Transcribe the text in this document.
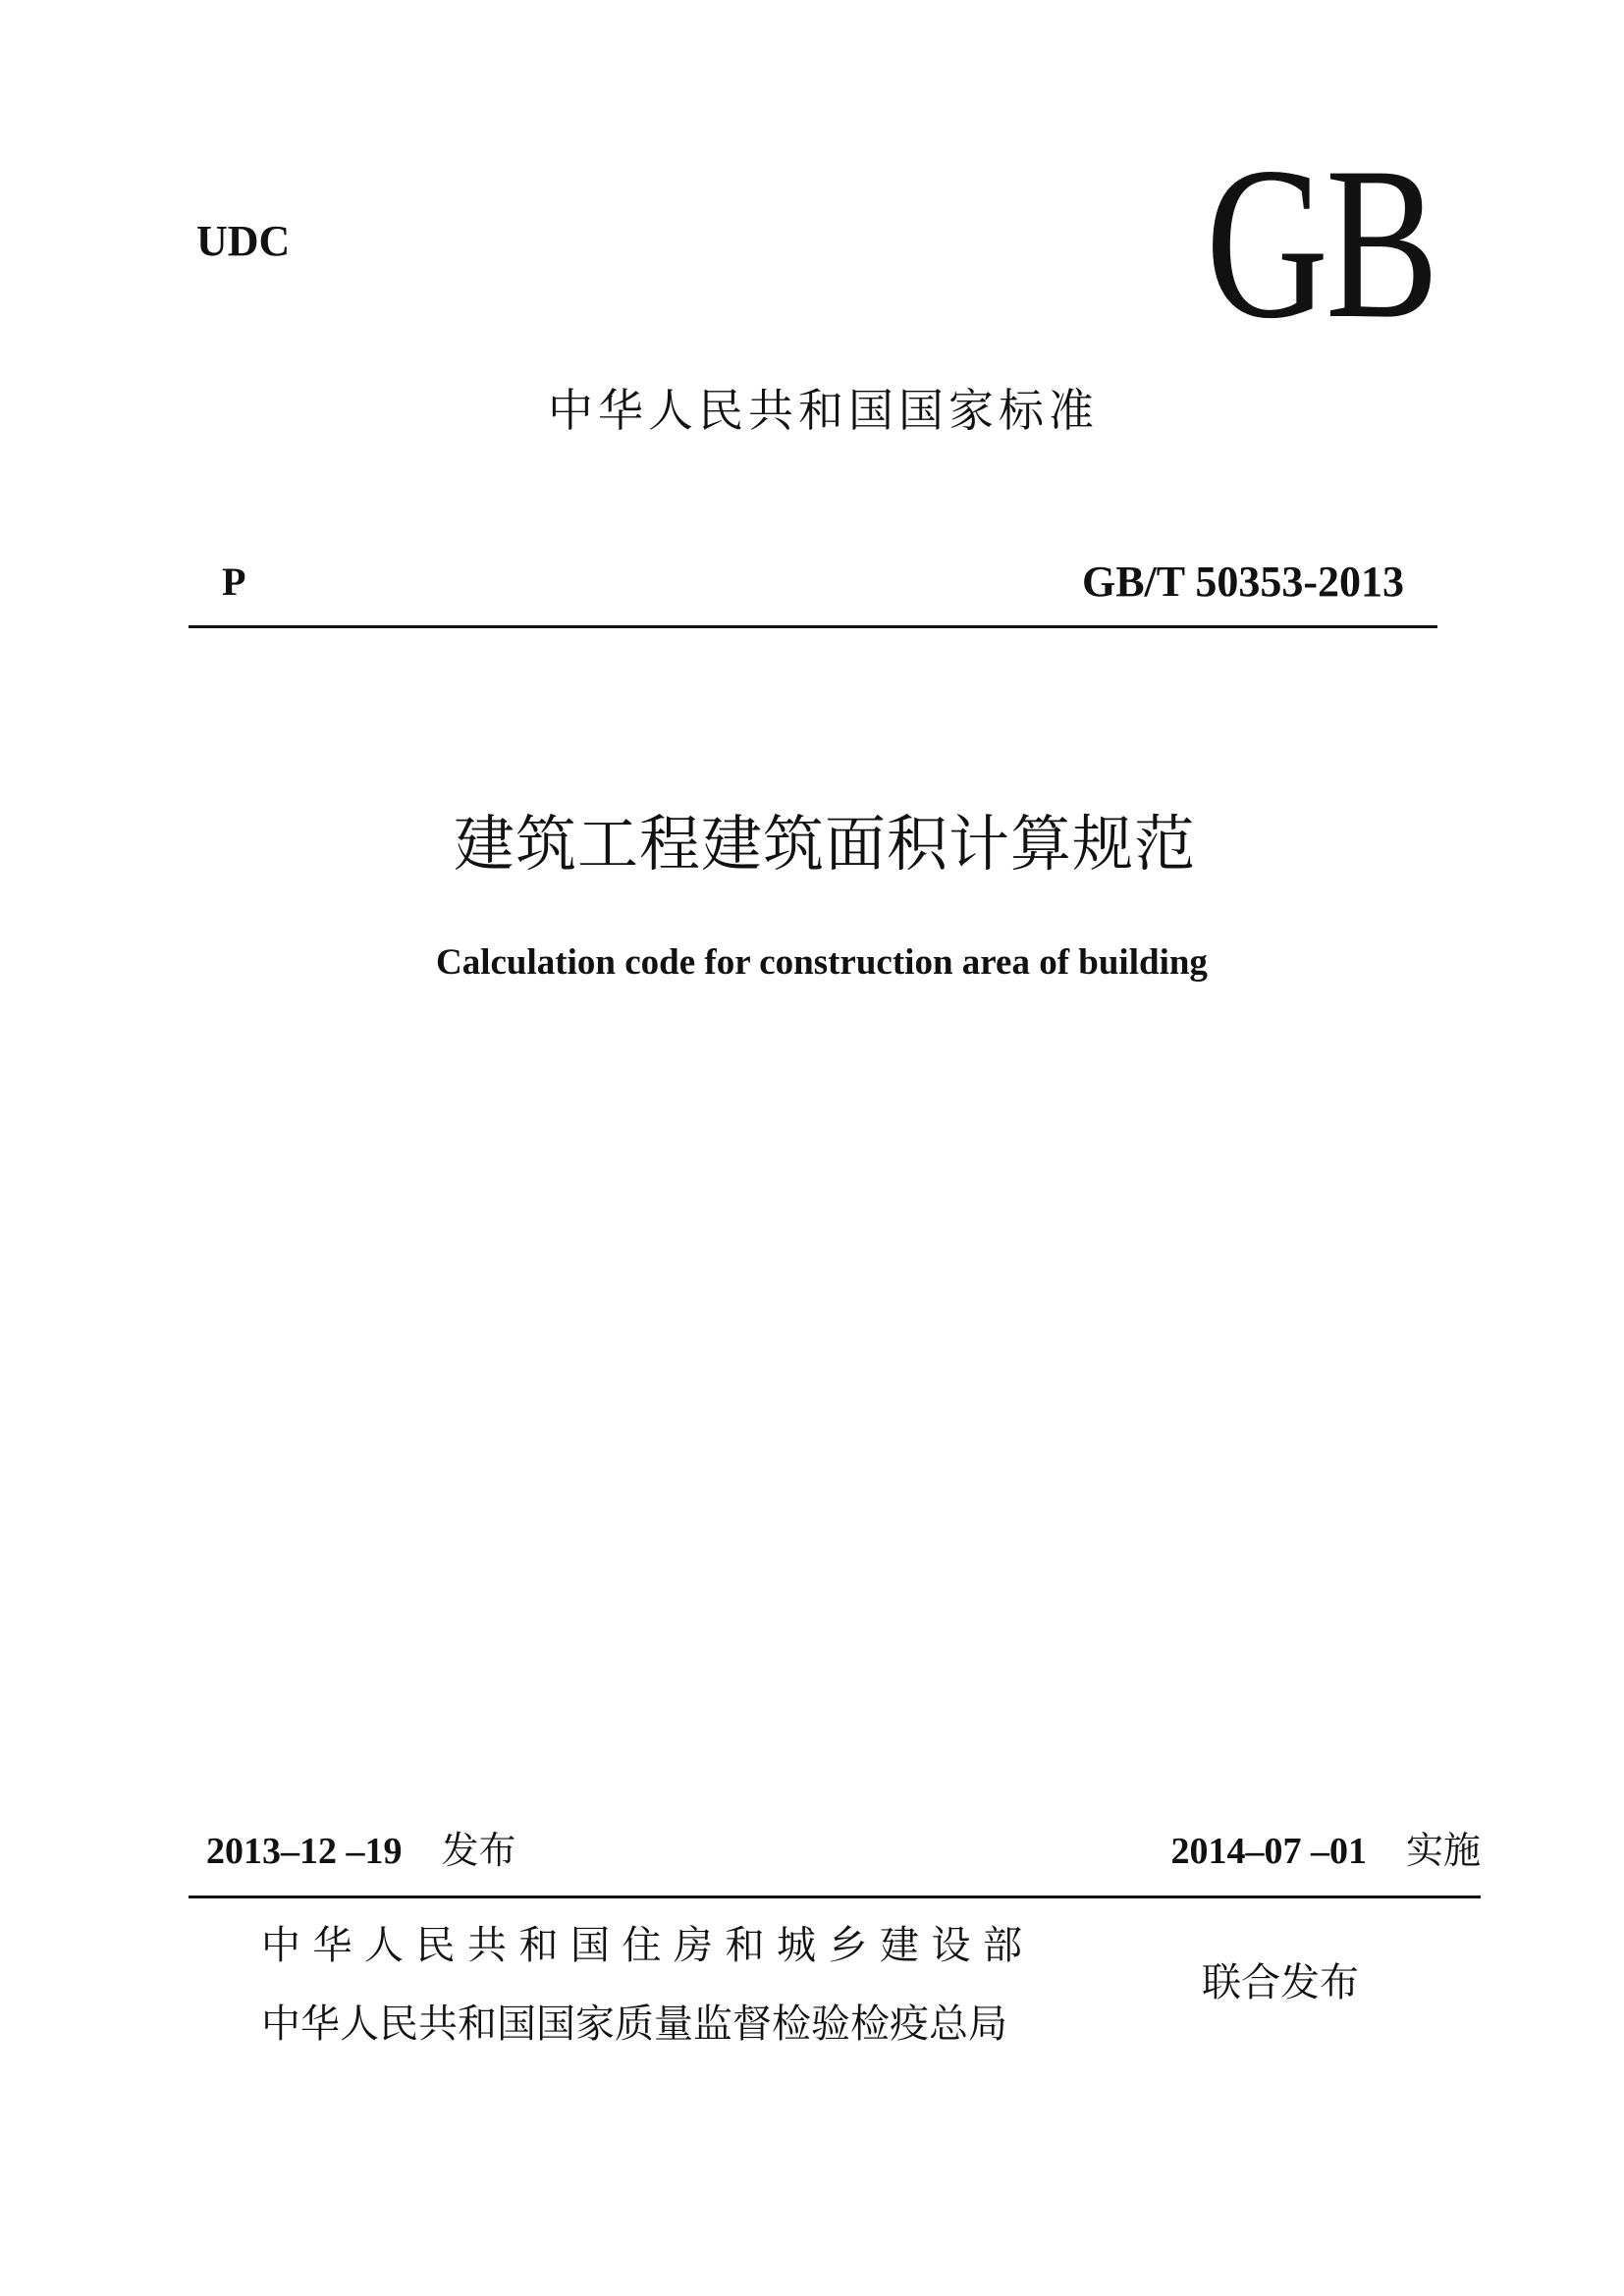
UDC	GB
中华人民共和国国家标准
P	GB/T 50353-2013
建筑工程建筑面积计算规范
Calculation code for construction area of building
2013–12 –19 发布	2014–07 –01 实施
中华人民共和国住房和城乡建设部
中华人民共和国国家质量监督检验检疫总局
联合发布
